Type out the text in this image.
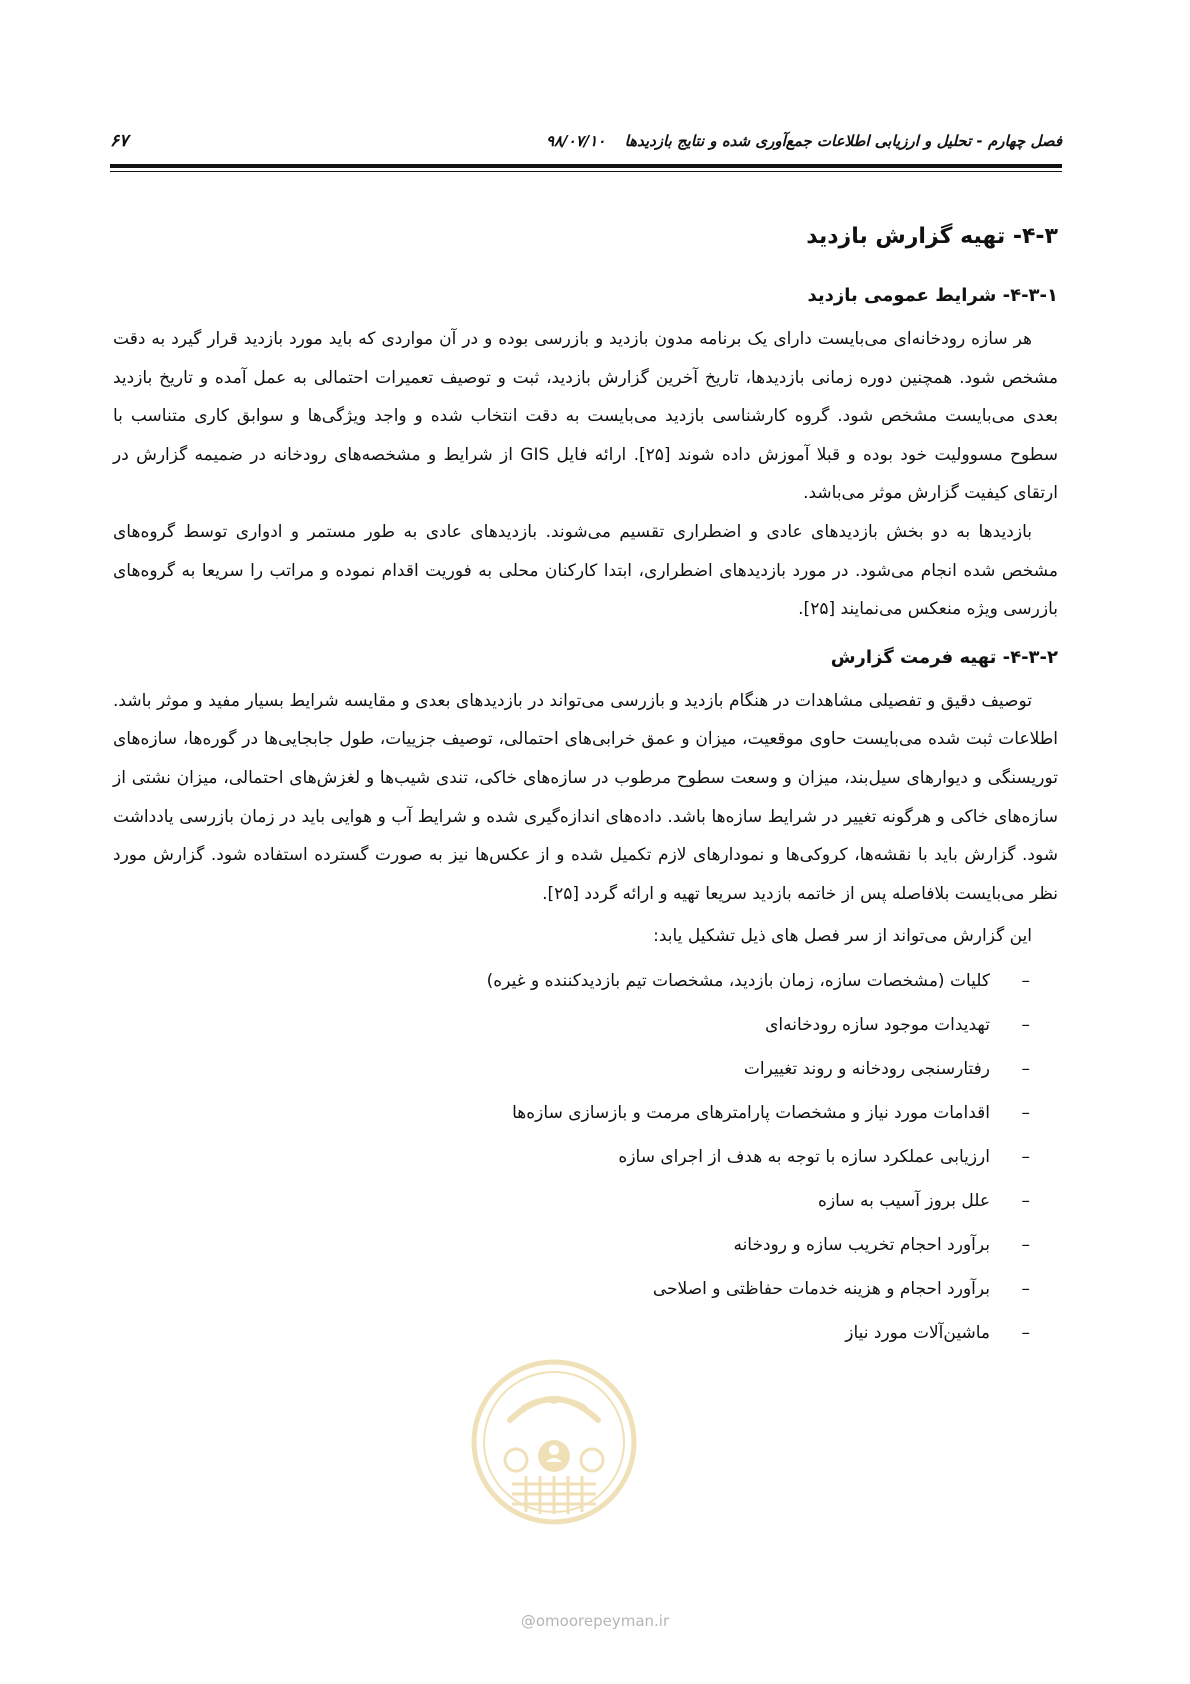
۶۷	فصل چهارم - تحلیل و ارزیابی اطلاعات جمع‌آوری شده و نتایج بازدیدها ۹۸/۰۷/۱۰
۴-۳- تهیه گزارش بازدید
۴-۳-۱- شرایط عمومی بازدید

هر سازه رودخانه‌ای می‌بایست دارای یک برنامه مدون بازدید و بازرسی بوده و در آن مواردی که باید مورد بازدید قرار گیرد به دقت مشخص شود. همچنین دوره زمانی بازدیدها، تاریخ آخرین گزارش بازدید، ثبت و توصیف تعمیرات احتمالی به عمل آمده و تاریخ بازدید بعدی می‌بایست مشخص شود. گروه کارشناسی بازدید می‌بایست به دقت انتخاب شده و واجد ویژگی‌ها و سوابق کاری متناسب با سطوح مسوولیت خود بوده و قبلا آموزش داده شوند [۲۵]. ارائه فایل GIS از شرایط و مشخصه‌های رودخانه در ضمیمه گزارش در ارتقای کیفیت گزارش موثر می‌باشد.

بازدیدها به دو بخش بازدیدهای عادی و اضطراری تقسیم می‌شوند. بازدیدهای عادی به طور مستمر و ادواری توسط گروه‌های مشخص شده انجام می‌شود. در مورد بازدیدهای اضطراری، ابتدا کارکنان محلی به فوریت اقدام نموده و مراتب را سریعا به گروه‌های بازرسی ویژه منعکس می‌نمایند [۲۵].

۴-۳-۲- تهیه فرمت گزارش

توصیف دقیق و تفصیلی مشاهدات در هنگام بازدید و بازرسی می‌تواند در بازدیدهای بعدی و مقایسه شرایط بسیار مفید و موثر باشد. اطلاعات ثبت شده می‌بایست حاوی موقعیت، میزان و عمق خرابی‌های احتمالی، توصیف جزییات، طول جابجایی‌ها در گوره‌ها، سازه‌های توریسنگی و دیوارهای سیل‌بند، میزان و وسعت سطوح مرطوب در سازه‌های خاکی، تندی شیب‌ها و لغزش‌های احتمالی، میزان نشتی از سازه‌های خاکی و هرگونه تغییر در شرایط سازه‌ها باشد. داده‌های اندازه‌گیری شده و شرایط آب و هوایی باید در زمان بازرسی یادداشت شود. گزارش باید با نقشه‌ها، کروکی‌ها و نمودارهای لازم تکمیل شده و از عکس‌ها نیز به صورت گسترده استفاده شود. گزارش مورد نظر می‌بایست بلافاصله پس از خاتمه بازدید سریعا تهیه و ارائه گردد [۲۵].

این گزارش می‌تواند از سر فصل های ذیل تشکیل یابد:
–
کلیات (مشخصات سازه، زمان بازدید، مشخصات تیم بازدیدکننده و غیره)
–
تهدیدات موجود سازه رودخانه‌ای
–
رفتارسنجی رودخانه و روند تغییرات
–
اقدامات مورد نیاز و مشخصات پارامترهای مرمت و بازسازی سازه‌ها
–
ارزیابی عملکرد سازه با توجه به هدف از اجرای سازه
–
علل بروز آسیب به سازه
–
برآورد احجام تخریب سازه و رودخانه
–
برآورد احجام و هزینه خدمات حفاظتی و اصلاحی
–
ماشین‌آلات مورد نیاز
@omoorepeyman.ir
